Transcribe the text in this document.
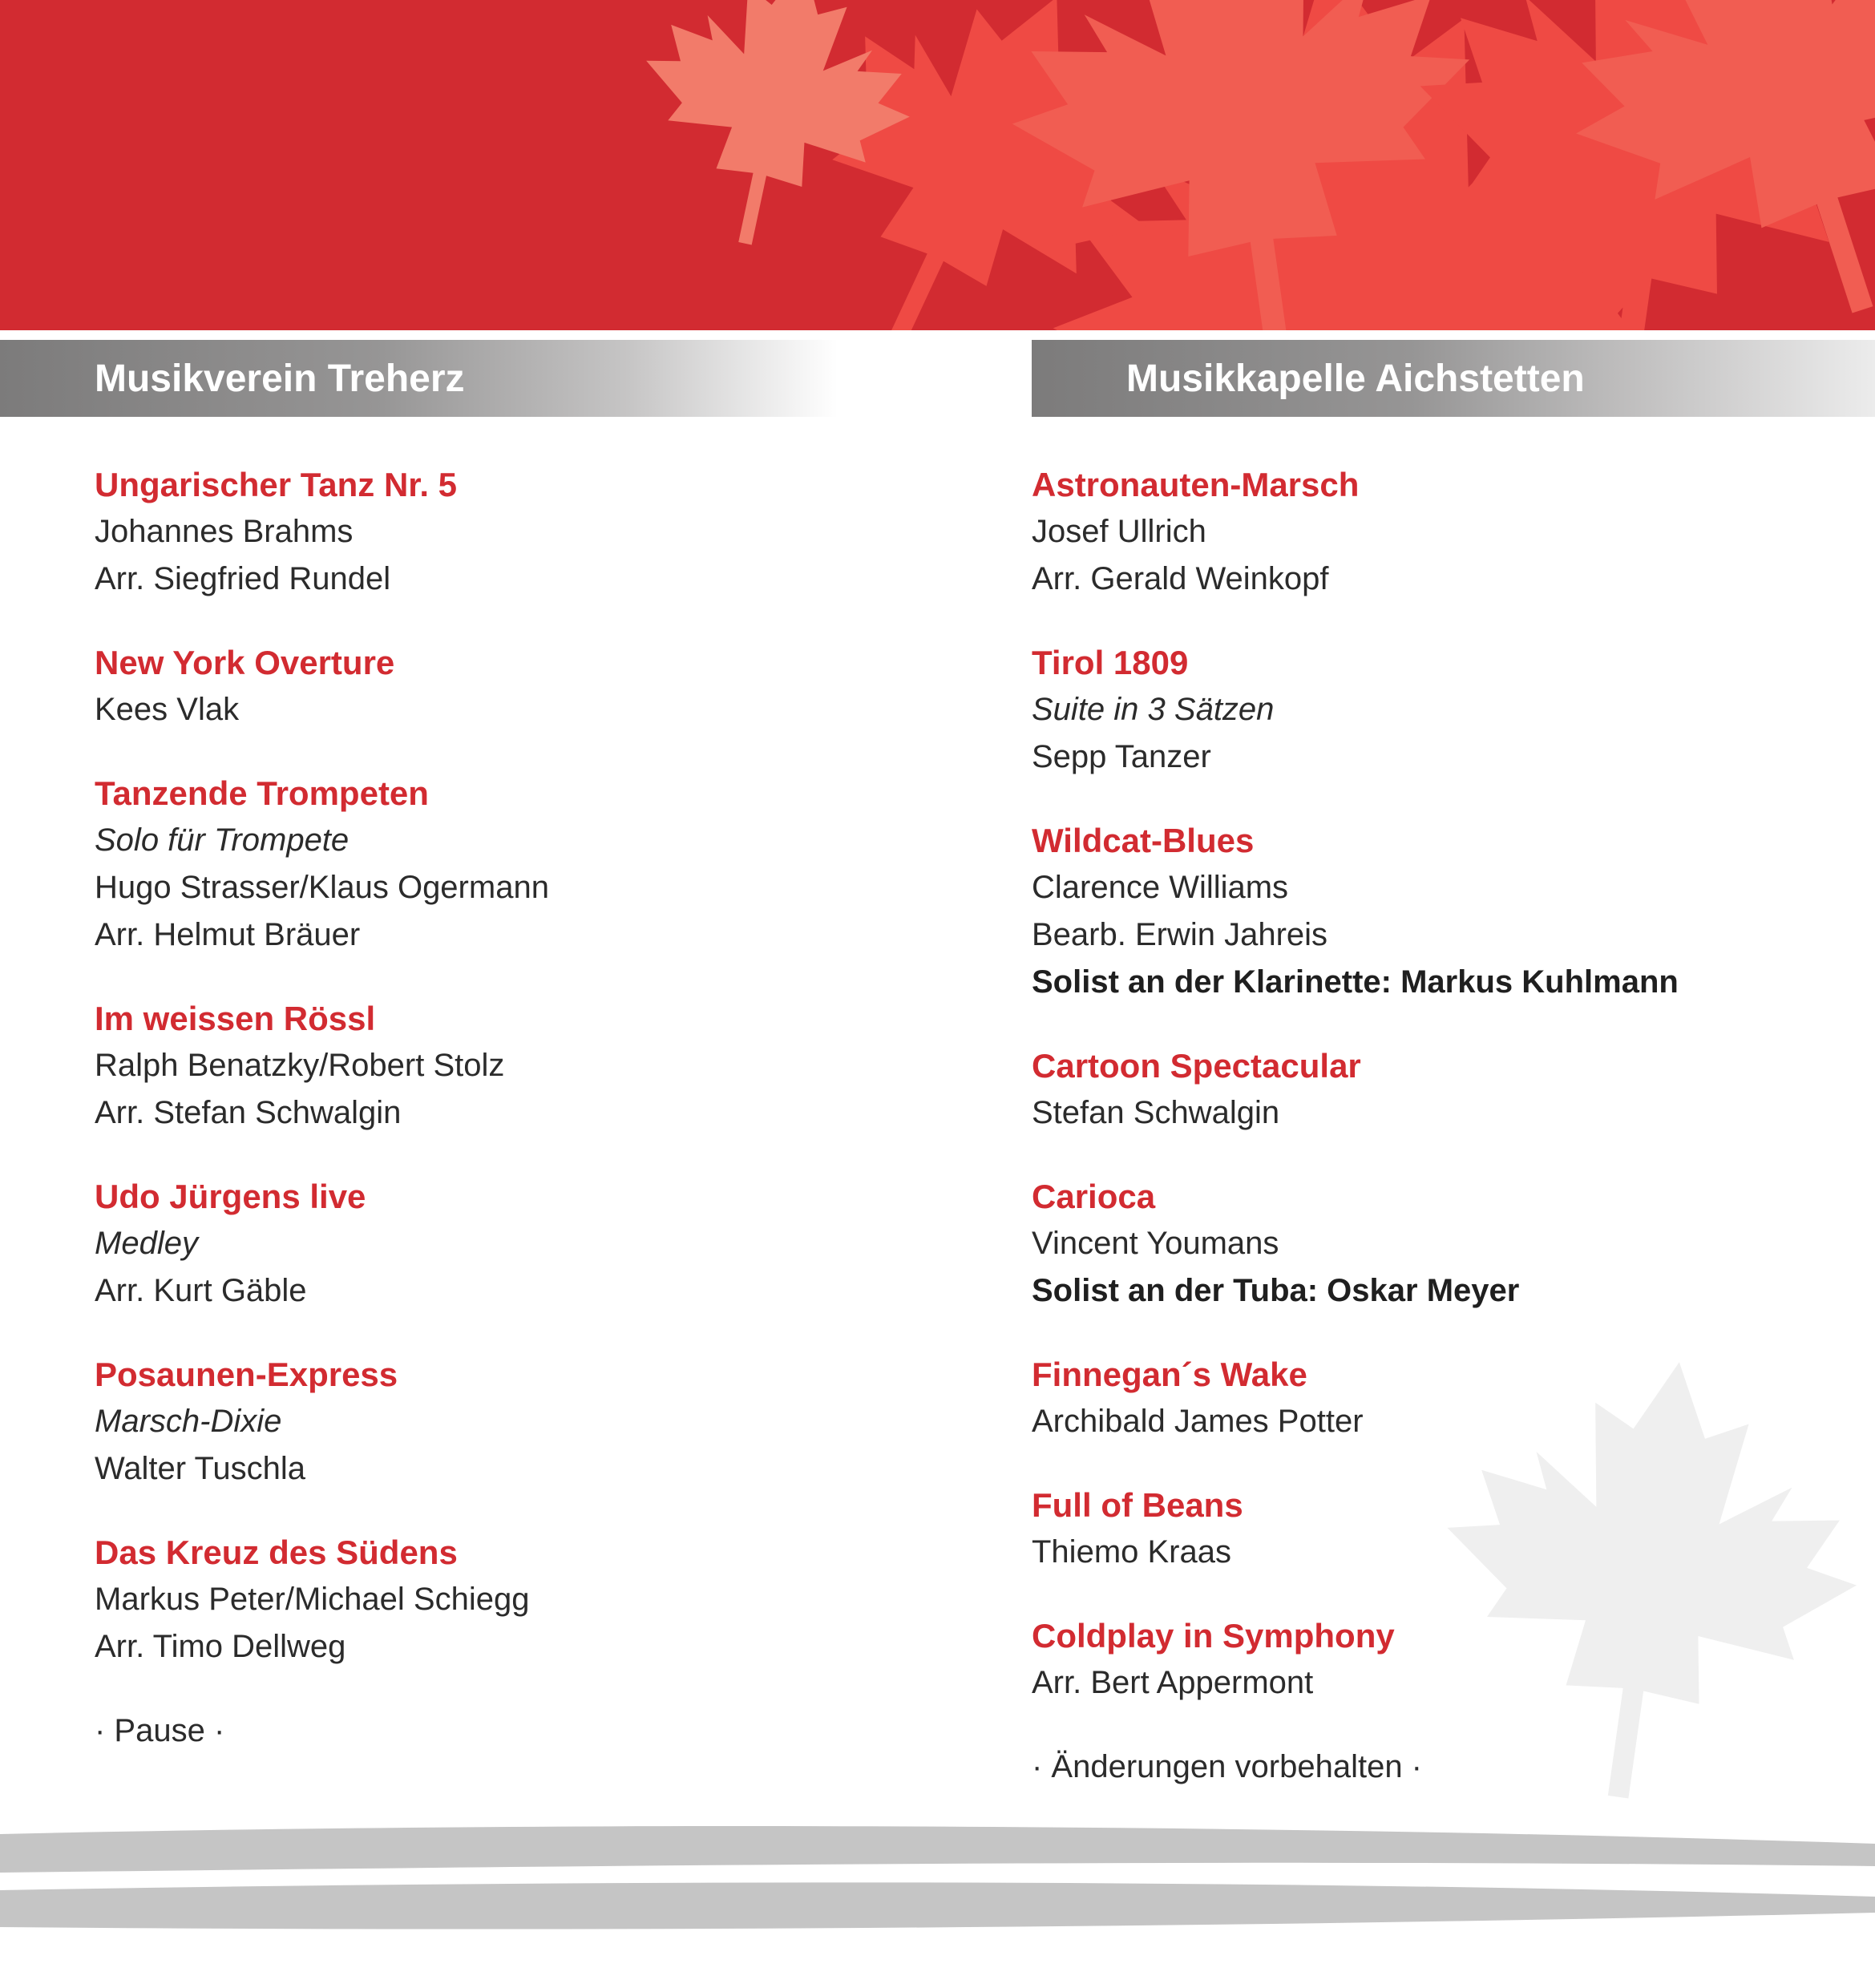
Musikverein Treherz	Musikkapelle Aichstetten
Ungarischer Tanz Nr. 5
Johannes Brahms
Arr. Siegfried Rundel
New York Overture
Kees Vlak
Tanzende Trompeten
Solo für Trompete
Hugo Strasser/Klaus Ogermann
Arr. Helmut Bräuer
Im weissen Rössl
Ralph Benatzky/Robert Stolz
Arr. Stefan Schwalgin
Udo Jürgens live
Medley
Arr. Kurt Gäble
Posaunen-Express
Marsch-Dixie
Walter Tuschla
Das Kreuz des Südens
Markus Peter/Michael Schiegg
Arr. Timo Dellweg
· Pause ·
Astronauten-Marsch
Josef Ullrich
Arr. Gerald Weinkopf
Tirol 1809
Suite in 3 Sätzen
Sepp Tanzer
Wildcat-Blues
Clarence Williams
Bearb. Erwin Jahreis
Solist an der Klarinette: Markus Kuhlmann
Cartoon Spectacular
Stefan Schwalgin
Carioca
Vincent Youmans
Solist an der Tuba: Oskar Meyer
Finnegan´s Wake
Archibald James Potter
Full of Beans
Thiemo Kraas
Coldplay in Symphony
Arr. Bert Appermont
· Änderungen vorbehalten ·
